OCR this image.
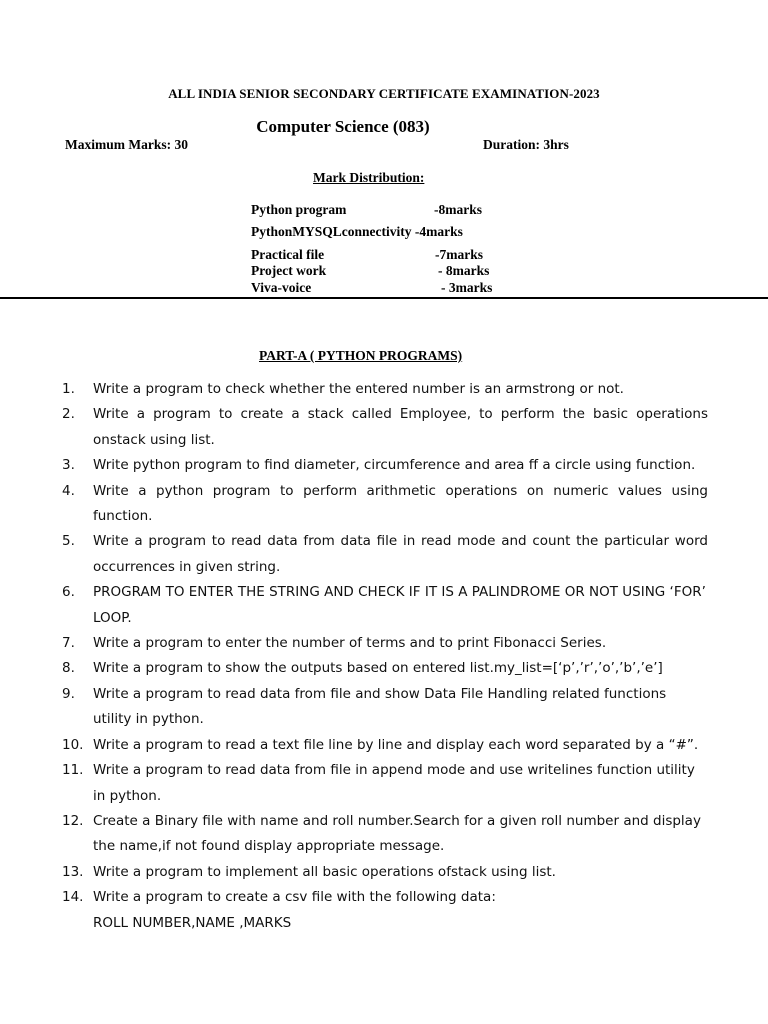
ALL INDIA SENIOR SECONDARY CERTIFICATE EXAMINATION-2023
Computer Science (083)
Maximum Marks: 30	Duration: 3hrs
Mark Distribution:
Python program	-8marks
PythonMYSQLconnectivity -4marks
Practical file	-7marks
Project work	- 8marks
Viva-voice	- 3marks
PART-A ( PYTHON PROGRAMS)
1.	Write a program to check whether the entered number is an armstrong or not.
2.	Write a program to create a stack called Employee, to perform the basic operations onstack using list.
3.	Write python program to find diameter, circumference and area ff a circle using function.
4.	Write a python program to perform arithmetic operations on numeric values using function.
5.	Write a program to read data from data file in read mode and count the particular word occurrences in given string.
6.	PROGRAM TO ENTER THE STRING AND CHECK IF IT IS A PALINDROME OR NOT USING ‘FOR’ LOOP.
7.	Write a program to enter the number of terms and to print Fibonacci Series.
8.	Write a program to show the outputs based on entered list.my_list=[‘p’,’r’,’o’,’b’,’e’]
9.	Write a program to read data from file and show Data File Handling related functions utility in python.
10. Write a program to read a text file line by line and display each word separated by a “#”.
11. Write a program to read data from file in append mode and use writelines function utility in python.
12. Create a Binary file with name and roll number.Search for a given roll number and display the name,if not found display appropriate message.
13. Write a program to implement all basic operations ofstack using list.
14. Write a program to create a csv file with the following data:
ROLL NUMBER,NAME ,MARKS
